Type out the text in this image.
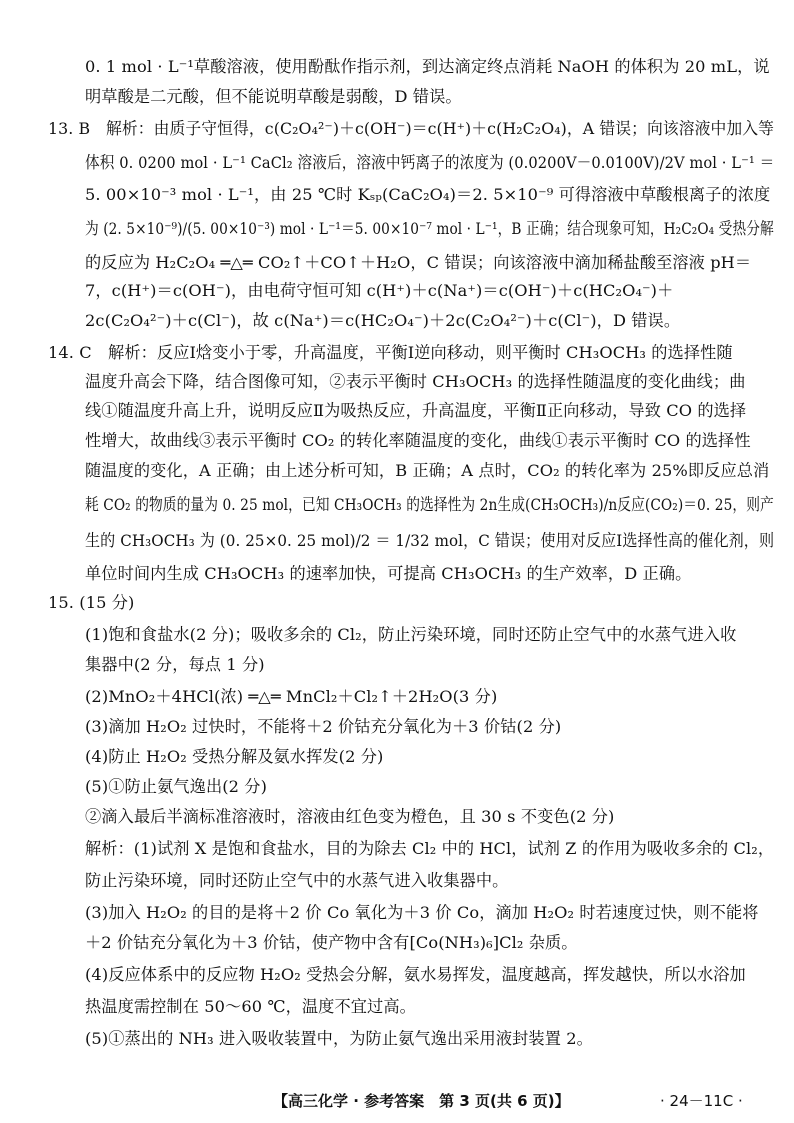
0. 1 mol · L⁻¹草酸溶液，使用酚酞作指示剂，到达滴定终点消耗 NaOH 的体积为 20 mL，说
明草酸是二元酸，但不能说明草酸是弱酸，D 错误。
13. B　解析：由质子守恒得，c(C₂O₄²⁻)＋c(OH⁻)＝c(H⁺)＋c(H₂C₂O₄)，A 错误；向该溶液中加入等
体积 0. 0200 mol · L⁻¹ CaCl₂ 溶液后，溶液中钙离子的浓度为 (0.0200V－0.0100V)/2V mol · L⁻¹ ＝
5. 00×10⁻³ mol · L⁻¹，由 25 ℃时 Kₛₚ(CaC₂O₄)＝2. 5×10⁻⁹ 可得溶液中草酸根离子的浓度
为 (2. 5×10⁻⁹)/(5. 00×10⁻³) mol · L⁻¹＝5. 00×10⁻⁷ mol · L⁻¹，B 正确；结合现象可知，H₂C₂O₄ 受热分解
的反应为 H₂C₂O₄ ═△═ CO₂↑＋CO↑＋H₂O，C 错误；向该溶液中滴加稀盐酸至溶液 pH＝
7，c(H⁺)＝c(OH⁻)，由电荷守恒可知 c(H⁺)＋c(Na⁺)＝c(OH⁻)＋c(HC₂O₄⁻)＋
2c(C₂O₄²⁻)＋c(Cl⁻)，故 c(Na⁺)＝c(HC₂O₄⁻)＋2c(C₂O₄²⁻)＋c(Cl⁻)，D 错误。
14. C　解析：反应Ⅰ焓变小于零，升高温度，平衡Ⅰ逆向移动，则平衡时 CH₃OCH₃ 的选择性随
温度升高会下降，结合图像可知，②表示平衡时 CH₃OCH₃ 的选择性随温度的变化曲线；曲
线①随温度升高上升，说明反应Ⅱ为吸热反应，升高温度，平衡Ⅱ正向移动，导致 CO 的选择
性增大，故曲线③表示平衡时 CO₂ 的转化率随温度的变化，曲线①表示平衡时 CO 的选择性
随温度的变化，A 正确；由上述分析可知，B 正确；A 点时，CO₂ 的转化率为 25%即反应总消
耗 CO₂ 的物质的量为 0. 25 mol，已知 CH₃OCH₃ 的选择性为 2n生成(CH₃OCH₃)/n反应(CO₂)＝0. 25，则产
生的 CH₃OCH₃ 为 (0. 25×0. 25 mol)/2 ＝ 1/32 mol，C 错误；使用对反应Ⅰ选择性高的催化剂，则
单位时间内生成 CH₃OCH₃ 的速率加快，可提高 CH₃OCH₃ 的生产效率，D 正确。
15. (15 分)
(1)饱和食盐水(2 分)；吸收多余的 Cl₂，防止污染环境，同时还防止空气中的水蒸气进入收
集器中(2 分，每点 1 分)
(2)MnO₂＋4HCl(浓) ═△═ MnCl₂＋Cl₂↑＋2H₂O(3 分)
(3)滴加 H₂O₂ 过快时，不能将＋2 价钴充分氧化为＋3 价钴(2 分)
(4)防止 H₂O₂ 受热分解及氨水挥发(2 分)
(5)①防止氨气逸出(2 分)
②滴入最后半滴标准溶液时，溶液由红色变为橙色，且 30 s 不变色(2 分)
解析：(1)试剂 X 是饱和食盐水，目的为除去 Cl₂ 中的 HCl，试剂 Z 的作用为吸收多余的 Cl₂，
防止污染环境，同时还防止空气中的水蒸气进入收集器中。
(3)加入 H₂O₂ 的目的是将＋2 价 Co 氧化为＋3 价 Co，滴加 H₂O₂ 时若速度过快，则不能将
＋2 价钴充分氧化为＋3 价钴，使产物中含有[Co(NH₃)₆]Cl₂ 杂质。
(4)反应体系中的反应物 H₂O₂ 受热会分解，氨水易挥发，温度越高，挥发越快，所以水浴加
热温度需控制在 50～60 ℃，温度不宜过高。
(5)①蒸出的 NH₃ 进入吸收装置中，为防止氨气逸出采用液封装置 2。
【高三化学 · 参考答案　第 3 页(共 6 页)】	· 24－11C ·
